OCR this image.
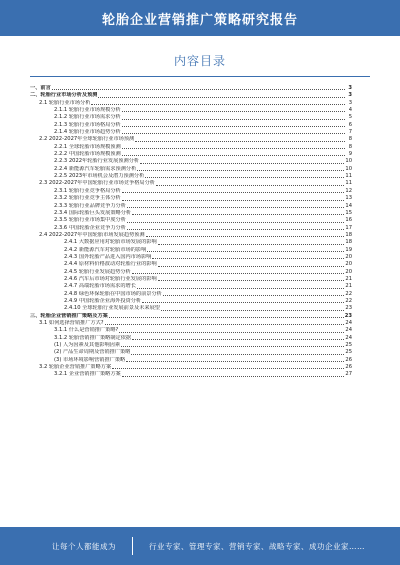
轮胎企业营销推广策略研究报告
内容目录
一、前言	3
二、轮胎行业市场分析及预测	3
2.1 轮胎行业市场分析	3
2.1.1 轮胎行业市场规模分析	4
2.1.2 轮胎行业市场需求分析	5
2.1.3 轮胎行业市场格局分析	6
2.1.4 轮胎行业市场趋势分析	7
2.2 2022-2027年全球轮胎行业市场预测	8
2.2.1 全球轮胎市场规模预测	8
2.2.2 中国轮胎市场规模预测	9
2.2.3 2022年轮胎行业发展预测分析	10
2.2.4 新能源汽车轮胎需求预测分析	10
2.2.5 2023年市场机会及潜力预测分析	11
2.3 2022-2027年中国轮胎行业市场竞争格局分析	11
2.3.1 轮胎行业竞争格局分析	12
2.3.2 轮胎行业竞争主体分析	13
2.3.3 轮胎行业品牌竞争力分析	14
2.3.4 国际轮胎巨头发展策略分析	15
2.3.5 轮胎行业市场集中度分析	16
2.3.6 中国轮胎企业竞争力分析	17
2.4 2022-2027年中国轮胎市场发展趋势预测	18
2.4.1 大数据应用对轮胎市场发展的影响	18
2.4.2 新能源汽车对轮胎市场的影响	19
2.4.3 国外轮胎产品进入国内市场影响	20
2.4.4 原材料价格波动对轮胎行业的影响	20
2.4.5 轮胎行业发展趋势分析	20
2.4.6 汽车后市场对轮胎行业发展的影响	21
2.4.7 高端轮胎市场需求的增长	21
2.4.8 绿色环保轮胎在中国市场的前景分析	22
2.4.9 中国轮胎企业海外投资分析	22
2.4.10 全球轮胎行业发展前景及未来展望	23
三、轮胎企业营销推广策略及方案	23
3.1 如何选择营销推广方式?	24
3.1.1 什么是营销推广策略?	24
3.1.2 轮胎营销推广策略制定依据	24
(1) 人为因素及其他影响因素	25
(2) 产品生命周期及营销推广策略	25
(3) 市场环境影响营销推广策略	26
3.2 轮胎企业营销推广策略方案	26
3.2.1 企业营销推广策略方案	27
让每个人都能成为	行业专家、管理专家、营销专家、战略专家、成功企业家……
